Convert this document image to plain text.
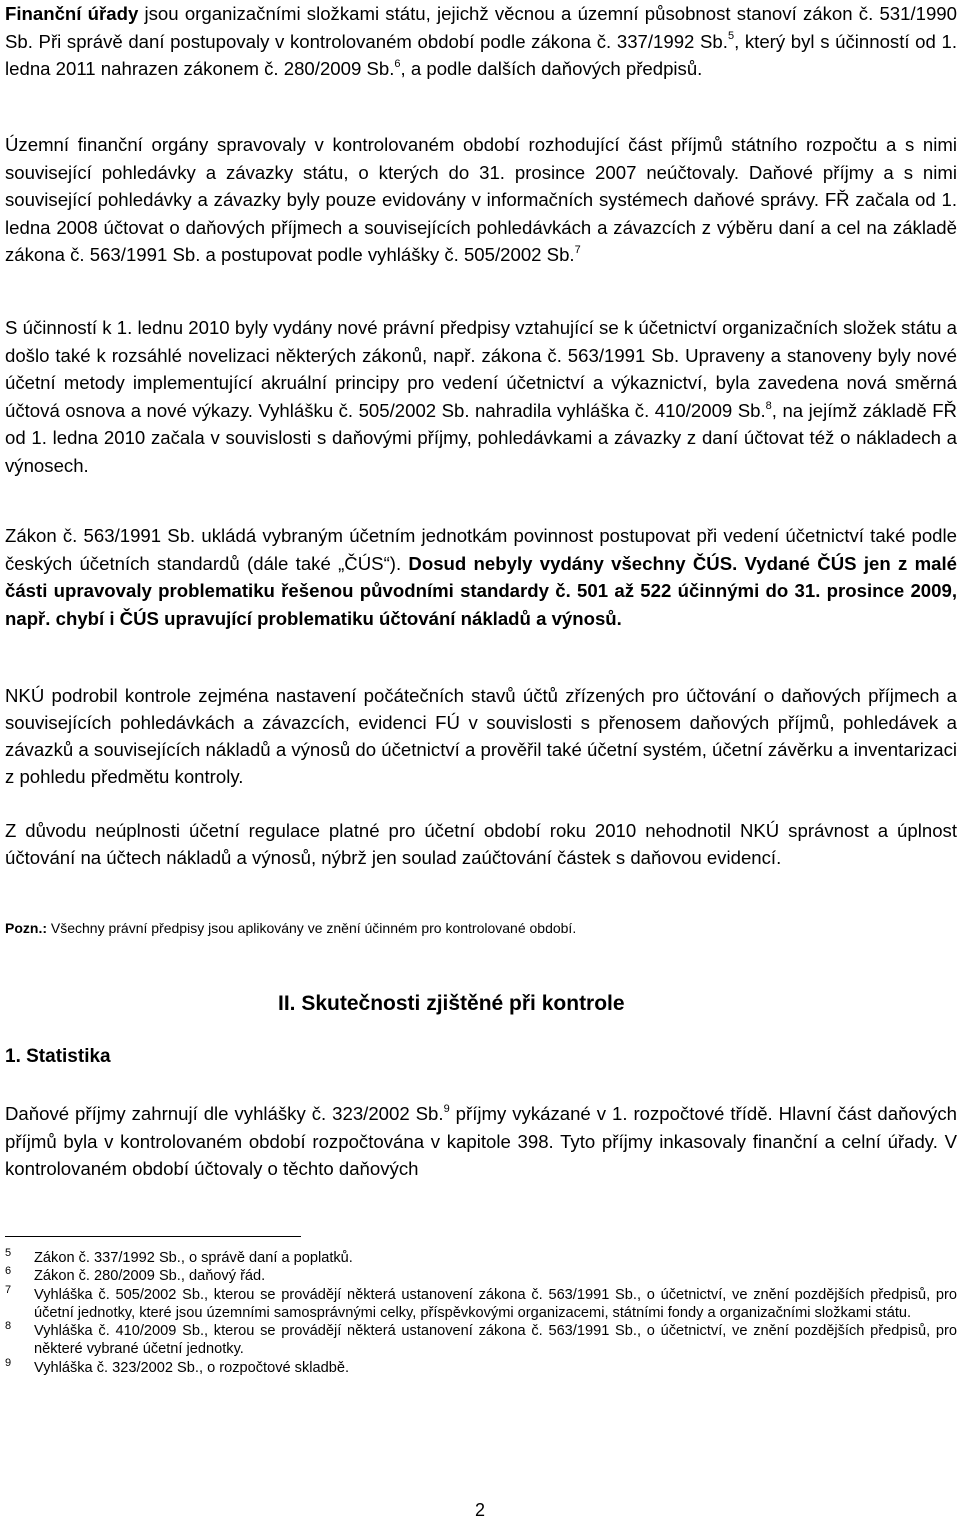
Finanční úřady jsou organizačními složkami státu, jejichž věcnou a územní působnost stanoví zákon č. 531/1990 Sb. Při správě daní postupovaly v kontrolovaném období podle zákona č. 337/1992 Sb.$^5$, který byl s účinností od 1. ledna 2011 nahrazen zákonem č. 280/2009 Sb.$^6$, a podle dalších daňových předpisů.

Územní finanční orgány spravovaly v kontrolovaném období rozhodující část příjmů státního rozpočtu a s nimi související pohledávky a závazky státu, o kterých do 31. prosince 2007 neúčtovaly. Daňové příjmy a s nimi související pohledávky a závazky byly pouze evidovány v informačních systémech daňové správy. FŘ začala od 1. ledna 2008 účtovat o daňových příjmech a souvisejících pohledávkách a závazcích z výběru daní a cel na základě zákona č. 563/1991 Sb. a postupovat podle vyhlášky č. 505/2002 Sb.$^7$

S účinností k 1. lednu 2010 byly vydány nové právní předpisy vztahující se k účetnictví organizačních složek státu a došlo také k rozsáhlé novelizaci některých zákonů, např. zákona č. 563/1991 Sb. Upraveny a stanoveny byly nové účetní metody implementující akruální principy pro vedení účetnictví a výkaznictví, byla zavedena nová směrná účtová osnova a nové výkazy. Vyhlášku č. 505/2002 Sb. nahradila vyhláška č. 410/2009 Sb.$^8$, na jejímž základě FŘ od 1. ledna 2010 začala v souvislosti s daňovými příjmy, pohledávkami a závazky z daní účtovat též o nákladech a výnosech.

Zákon č. 563/1991 Sb. ukládá vybraným účetním jednotkám povinnost postupovat při vedení účetnictví také podle českých účetních standardů (dále také „ČÚS“). Dosud nebyly vydány všechny ČÚS. Vydané ČÚS jen z malé části upravovaly problematiku řešenou původními standardy č. 501 až 522 účinnými do 31. prosince 2009, např. chybí i ČÚS upravující problematiku účtování nákladů a výnosů.

NKÚ podrobil kontrole zejména nastavení počátečních stavů účtů zřízených pro účtování o daňových příjmech a souvisejících pohledávkách a závazcích, evidenci FÚ v souvislosti s přenosem daňových příjmů, pohledávek a závazků a souvisejících nákladů a výnosů do účetnictví a prověřil také účetní systém, účetní závěrku a inventarizaci z pohledu předmětu kontroly.

Z důvodu neúplnosti účetní regulace platné pro účetní období roku 2010 nehodnotil NKÚ správnost a úplnost účtování na účtech nákladů a výnosů, nýbrž jen soulad zaúčtování částek s daňovou evidencí.

Pozn.: Všechny právní předpisy jsou aplikovány ve znění účinném pro kontrolované období.

II. Skutečnosti zjištěné při kontrole
1. Statistika

Daňové příjmy zahrnují dle vyhlášky č. 323/2002 Sb.$^9$ příjmy vykázané v 1. rozpočtové třídě. Hlavní část daňových příjmů byla v kontrolovaném období rozpočtována v kapitole 398. Tyto příjmy inkasovaly finanční a celní úřady. V kontrolovaném období účtovaly o těchto daňových

5 Zákon č. 337/1992 Sb., o správě daní a poplatků.
6 Zákon č. 280/2009 Sb., daňový řád.
7 Vyhláška č. 505/2002 Sb., kterou se provádějí některá ustanovení zákona č. 563/1991 Sb., o účetnictví, ve znění pozdějších předpisů, pro účetní jednotky, které jsou územními samosprávnými celky, příspěvkovými organizacemi, státními fondy a organizačními složkami státu.
8 Vyhláška č. 410/2009 Sb., kterou se provádějí některá ustanovení zákona č. 563/1991 Sb., o účetnictví, ve znění pozdějších předpisů, pro některé vybrané účetní jednotky.
9 Vyhláška č. 323/2002 Sb., o rozpočtové skladbě.
2
